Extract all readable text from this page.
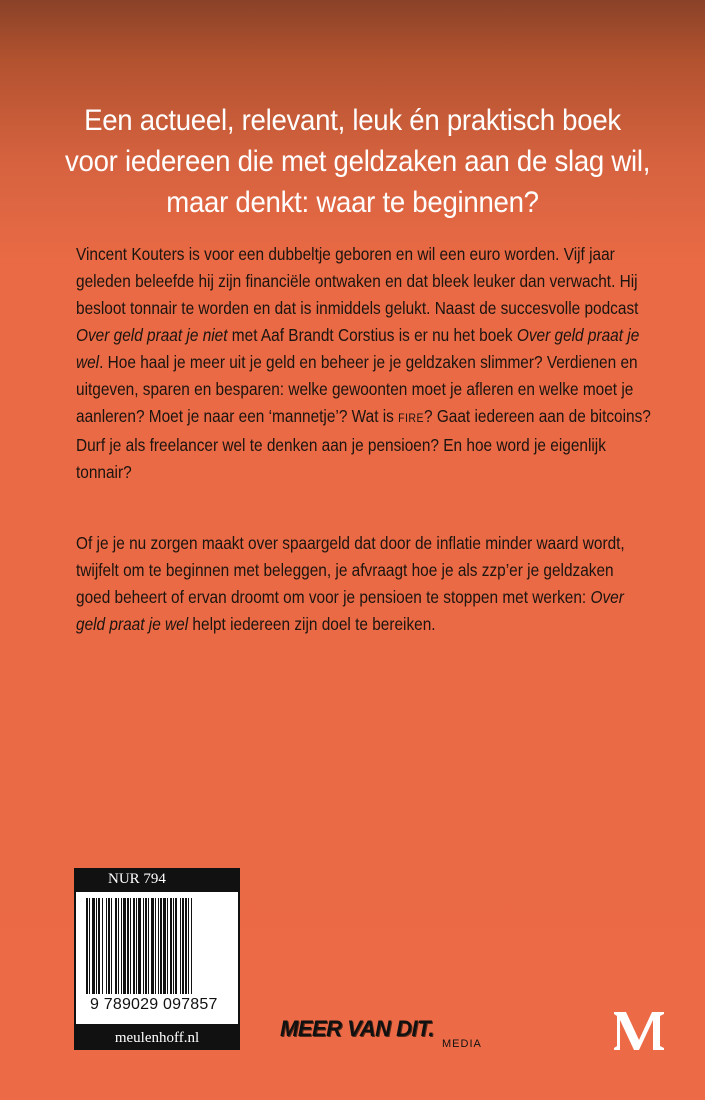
Een actueel, relevant, leuk én praktisch boek
voor iedereen die met geldzaken aan de slag wil,
maar denkt: waar te beginnen?
Vincent Kouters is voor een dubbeltje geboren en wil een euro worden. Vijf jaar
geleden beleefde hij zijn financiële ontwaken en dat bleek leuker dan verwacht. Hij
besloot tonnair te worden en dat is inmiddels gelukt. Naast de succesvolle podcast
Over geld praat je niet met Aaf Brandt Corstius is er nu het boek Over geld praat je
wel. Hoe haal je meer uit je geld en beheer je je geldzaken slimmer? Verdienen en
uitgeven, sparen en besparen: welke gewoonten moet je afleren en welke moet je
aanleren? Moet je naar een ‘mannetje’? Wat is FIRE? Gaat iedereen aan de bitcoins?
Durf je als freelancer wel te denken aan je pensioen? En hoe word je eigenlijk
tonnair?
Of je je nu zorgen maakt over spaargeld dat door de inflatie minder waard wordt,
twijfelt om te beginnen met beleggen, je afvraagt hoe je als zzp’er je geldzaken
goed beheert of ervan droomt om voor je pensioen te stoppen met werken: Over
geld praat je wel helpt iedereen zijn doel te bereiken.
NUR 794
9 789029 097857
meulenhoff.nl	MEER VAN DIT.
MEDIA
